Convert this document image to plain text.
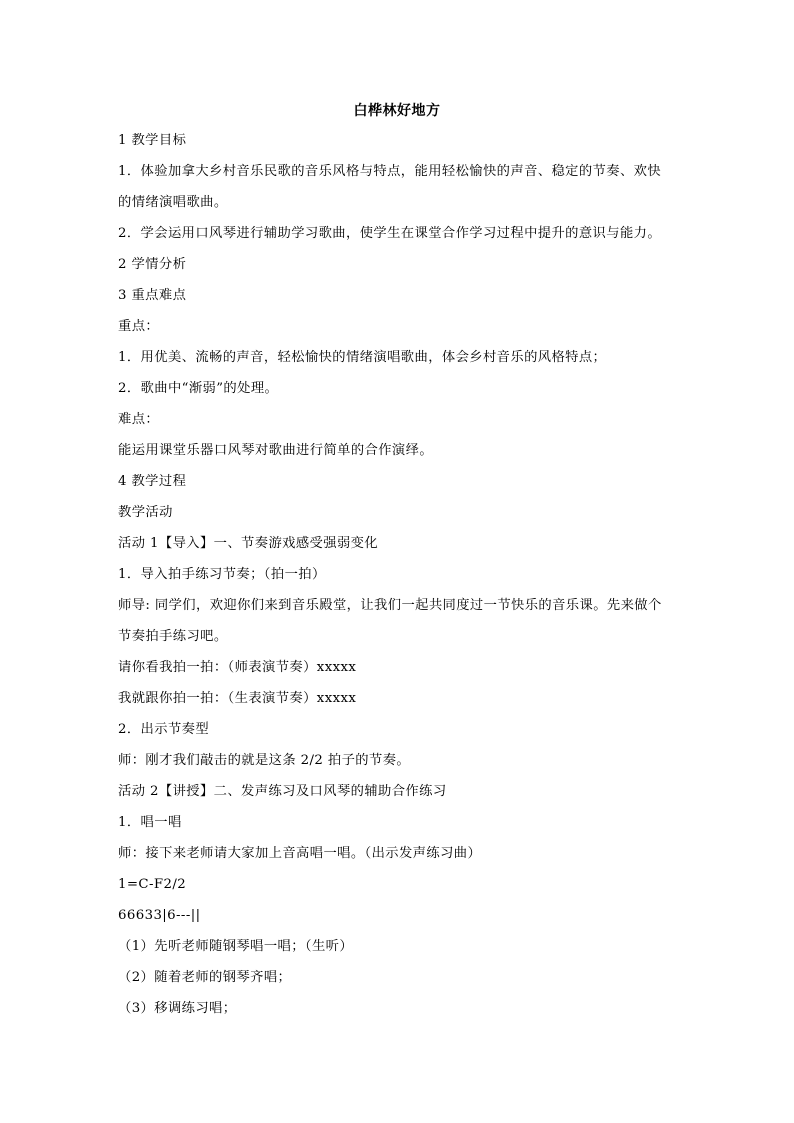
白桦林好地方
1 教学目标
1．体验加拿大乡村音乐民歌的音乐风格与特点，能用轻松愉快的声音、稳定的节奏、欢快
的情绪演唱歌曲。
2．学会运用口风琴进行辅助学习歌曲，使学生在课堂合作学习过程中提升的意识与能力。
2 学情分析
3 重点难点
重点：
1．用优美、流畅的声音，轻松愉快的情绪演唱歌曲，体会乡村音乐的风格特点；
2．歌曲中“渐弱”的处理。
难点：
能运用课堂乐器口风琴对歌曲进行简单的合作演绎。
4 教学过程
教学活动
活动 1【导入】一、节奏游戏感受强弱变化
1．导入拍手练习节奏；（拍一拍）
师导: 同学们，欢迎你们来到音乐殿堂，让我们一起共同度过一节快乐的音乐课。先来做个
节奏拍手练习吧。
请你看我拍一拍：（师表演节奏）xxxxx
我就跟你拍一拍：（生表演节奏）xxxxx
2．出示节奏型
师：刚才我们敲击的就是这条 2/2 拍子的节奏。
活动 2【讲授】二、发声练习及口风琴的辅助合作练习
1．唱一唱
师：接下来老师请大家加上音高唱一唱。（出示发声练习曲）
1=C-F2/2
66633|6---||
（1）先听老师随钢琴唱一唱；（生听）
（2）随着老师的钢琴齐唱；
（3）移调练习唱；
